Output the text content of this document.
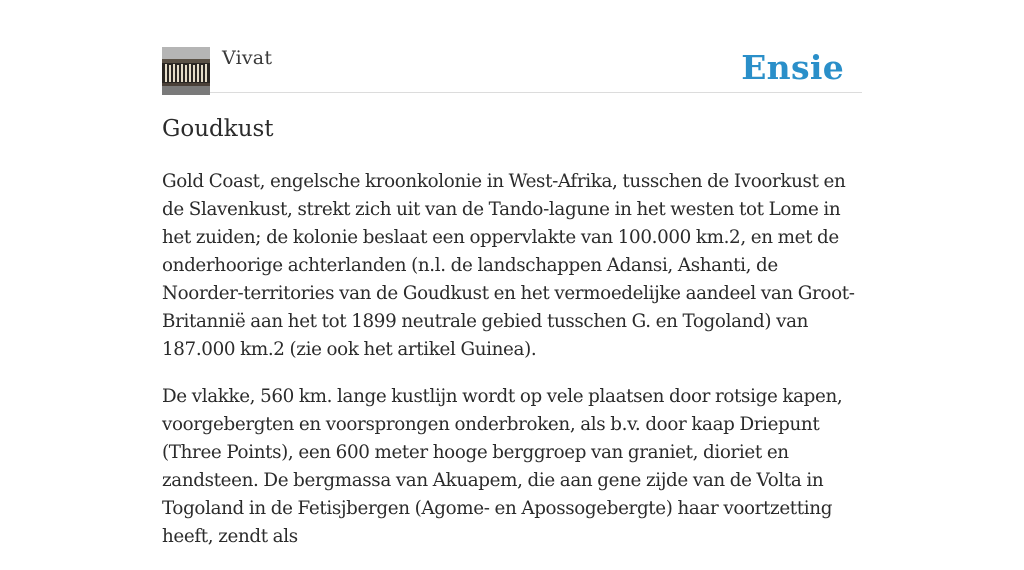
Vivat	Ensie
Goudkust

Gold Coast, engelsche kroonkolonie in West-Afrika, tusschen de Ivoorkust en de Slavenkust, strekt zich uit van de Tando-lagune in het westen tot Lome in het zuiden; de kolonie beslaat een oppervlakte van 100.000 km.2, en met de onderhoorige achterlanden (n.l. de landschappen Adansi, Ashanti, de Noorder-territories van de Goudkust en het vermoedelijke aandeel van Groot-Britannië aan het tot 1899 neutrale gebied tusschen G. en Togoland) van 187.000 km.2 (zie ook het artikel Guinea).

De vlakke, 560 km. lange kustlijn wordt op vele plaatsen door rotsige kapen, voorgebergten en voorsprongen onderbroken, als b.v. door kaap Driepunt (Three Points), een 600 meter hooge berggroep van graniet, dioriet en zandsteen. De bergmassa van Akuapem, die aan gene zijde van de Volta in Togoland in de Fetisjbergen (Agome- en Apossogebergte) haar voortzetting heeft, zendt als
